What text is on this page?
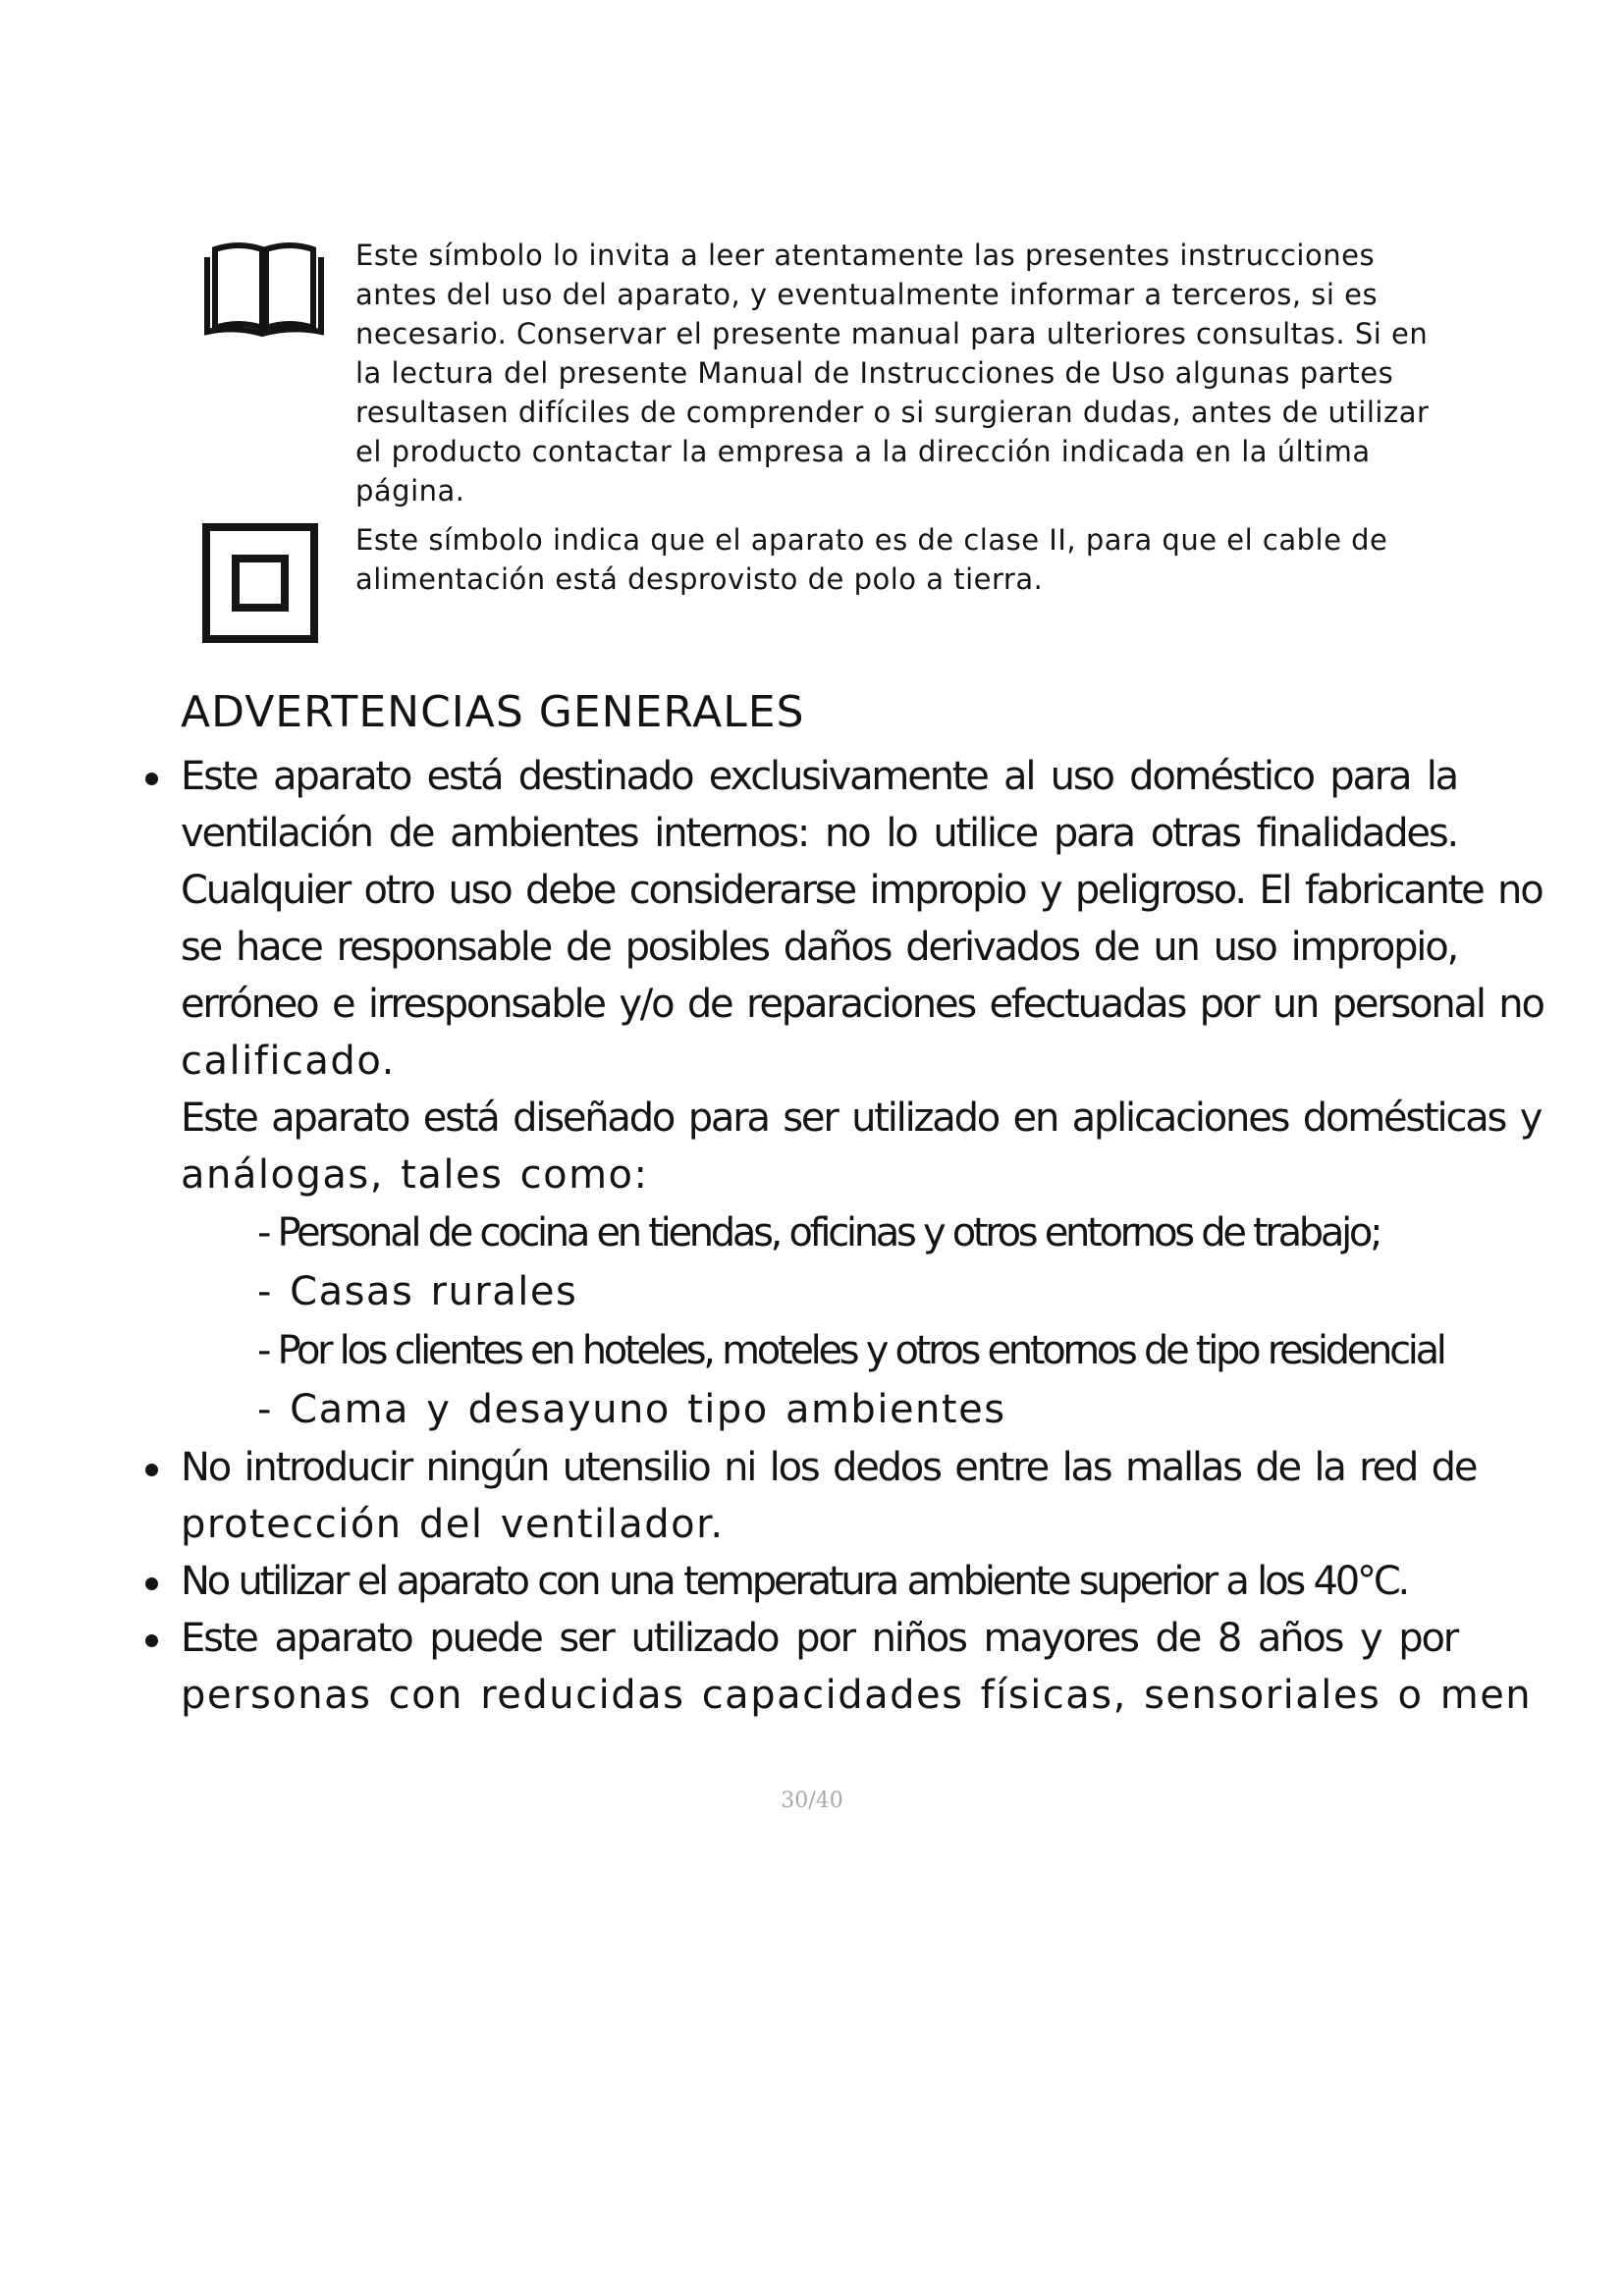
Este símbolo lo invita a leer atentamente las presentes instrucciones
antes del uso del aparato, y eventualmente informar a terceros, si es
necesario. Conservar el presente manual para ulteriores consultas. Si en
la lectura del presente Manual de Instrucciones de Uso algunas partes
resultasen difíciles de comprender o si surgieran dudas, antes de utilizar
el producto contactar la empresa a la dirección indicada en la última
página.
Este símbolo indica que el aparato es de clase II, para que el cable de
alimentación está desprovisto de polo a tierra.
ADVERTENCIAS GENERALES
Este aparato está destinado exclusivamente al uso doméstico para la
ventilación de ambientes internos: no lo utilice para otras finalidades.
Cualquier otro uso debe considerarse impropio y peligroso. El fabricante no
se hace responsable de posibles daños derivados de un uso impropio,
erróneo e irresponsable y/o de reparaciones efectuadas por un personal no
calificado.
Este aparato está diseñado para ser utilizado en aplicaciones domésticas y
análogas, tales como:
- Personal de cocina en tiendas, oficinas y otros entornos de trabajo;
- Casas rurales
- Por los clientes en hoteles, moteles y otros entornos de tipo residencial
- Cama y desayuno tipo ambientes
No introducir ningún utensilio ni los dedos entre las mallas de la red de
protección del ventilador.
No utilizar el aparato con una temperatura ambiente superior a los 40°C.
Este aparato puede ser utilizado por niños mayores de 8 años y por
personas con reducidas capacidades físicas, sensoriales o men
30/40
